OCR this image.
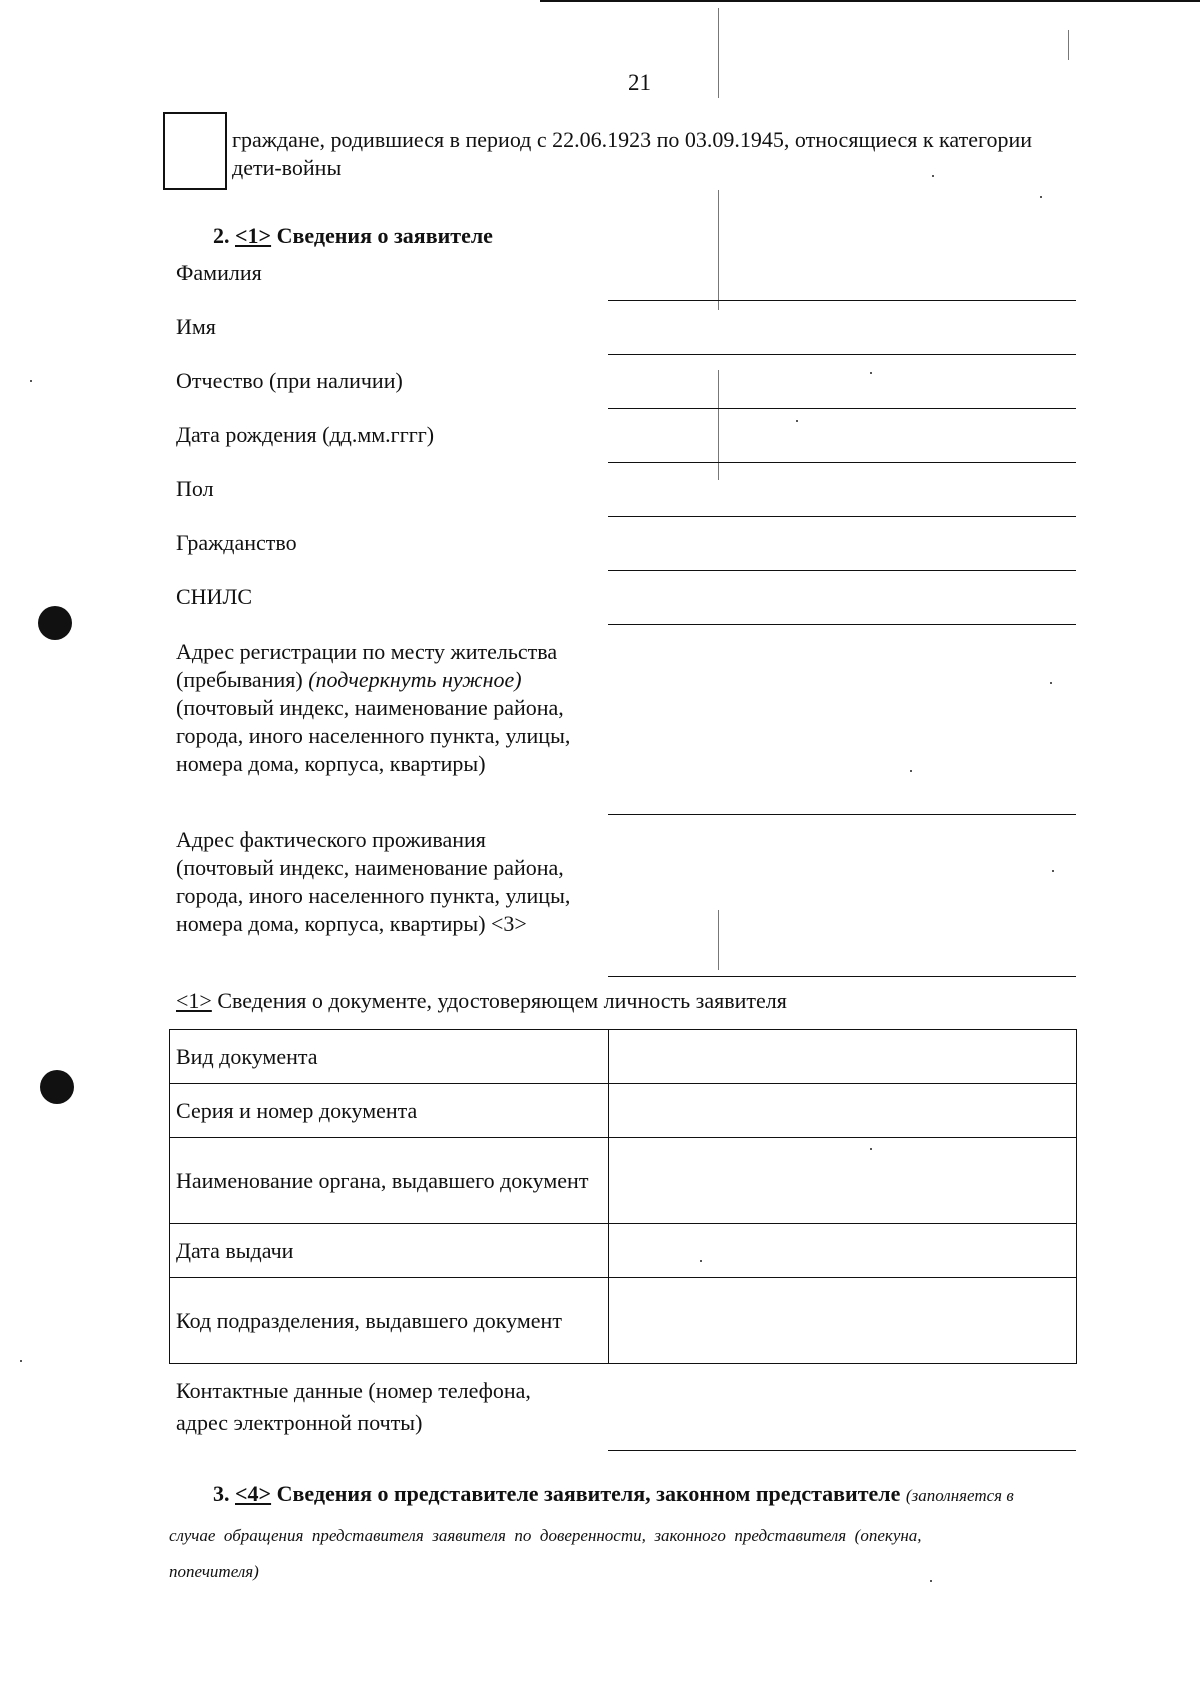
21
граждане, родившиеся в период с 22.06.1923 по 03.09.1945, относящиеся к категории дети-войны
2. <1> Сведения о заявителе
Фамилия
Имя
Отчество (при наличии)
Дата рождения (дд.мм.гггг)
Пол
Гражданство
СНИЛС
Адрес регистрации по месту жительства
(пребывания) (подчеркнуть нужное)
(почтовый индекс, наименование района, города, иного населенного пункта, улицы, номера дома, корпуса, квартиры)
Адрес фактического проживания (почтовый индекс, наименование района, города, иного населенного пункта, улицы, номера дома, корпуса, квартиры) <3>
<1> Сведения о документе, удостоверяющем личность заявителя
Вид документа	
Серия и номер документа	
Наименование органа, выдавшего документ	
Дата выдачи	
Код подразделения, выдавшего документ	
Контактные данные (номер телефона, адрес электронной почты)
3. <4> Сведения о представителе заявителя, законном представителе (заполняется в
случае  обращения  представителя  заявителя  по  доверенности,  законного  представителя  (опекуна,
попечителя)
